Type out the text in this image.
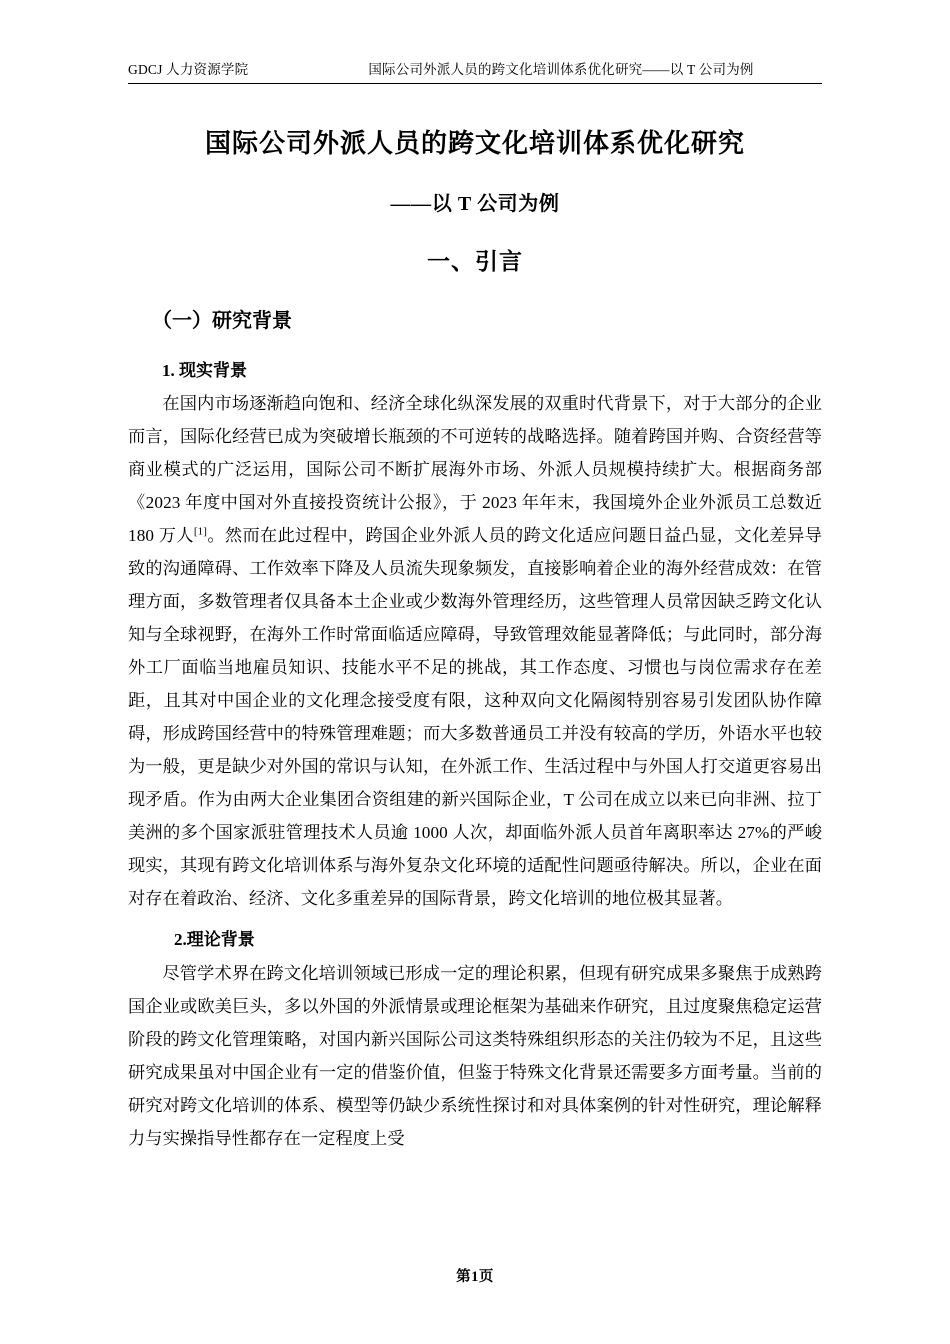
GDCJ 人力资源学院	国际公司外派人员的跨文化培训体系优化研究——以 T 公司为例
国际公司外派人员的跨文化培训体系优化研究
——以 T 公司为例
一、引言
（一）研究背景
1. 现实背景

在国内市场逐渐趋向饱和、经济全球化纵深发展的双重时代背景下，对于大部分的企业而言，国际化经营已成为突破增长瓶颈的不可逆转的战略选择。随着跨国并购、合资经营等商业模式的广泛运用，国际公司不断扩展海外市场、外派人员规模持续扩大。根据商务部《2023 年度中国对外直接投资统计公报》，于 2023 年年末，我国境外企业外派员工总数近 180 万人[1]。然而在此过程中，跨国企业外派人员的跨文化适应问题日益凸显，文化差异导致的沟通障碍、工作效率下降及人员流失现象频发，直接影响着企业的海外经营成效：在管理方面，多数管理者仅具备本土企业或少数海外管理经历，这些管理人员常因缺乏跨文化认知与全球视野，在海外工作时常面临适应障碍，导致管理效能显著降低；与此同时，部分海外工厂面临当地雇员知识、技能水平不足的挑战，其工作态度、习惯也与岗位需求存在差距，且其对中国企业的文化理念接受度有限，这种双向文化隔阂特别容易引发团队协作障碍，形成跨国经营中的特殊管理难题；而大多数普通员工并没有较高的学历，外语水平也较为一般，更是缺少对外国的常识与认知，在外派工作、生活过程中与外国人打交道更容易出现矛盾。作为由两大企业集团合资组建的新兴国际企业，T 公司在成立以来已向非洲、拉丁美洲的多个国家派驻管理技术人员逾 1000 人次，却面临外派人员首年离职率达 27%的严峻现实，其现有跨文化培训体系与海外复杂文化环境的适配性问题亟待解决。所以，企业在面对存在着政治、经济、文化多重差异的国际背景，跨文化培训的地位极其显著。

2.理论背景

尽管学术界在跨文化培训领域已形成一定的理论积累，但现有研究成果多聚焦于成熟跨国企业或欧美巨头，多以外国的外派情景或理论框架为基础来作研究，且过度聚焦稳定运营阶段的跨文化管理策略，对国内新兴国际公司这类特殊组织形态的关注仍较为不足，且这些研究成果虽对中国企业有一定的借鉴价值，但鉴于特殊文化背景还需要多方面考量。当前的研究对跨文化培训的体系、模型等仍缺少系统性探讨和对具体案例的针对性研究，理论解释力与实操指导性都存在一定程度上受

第1页
